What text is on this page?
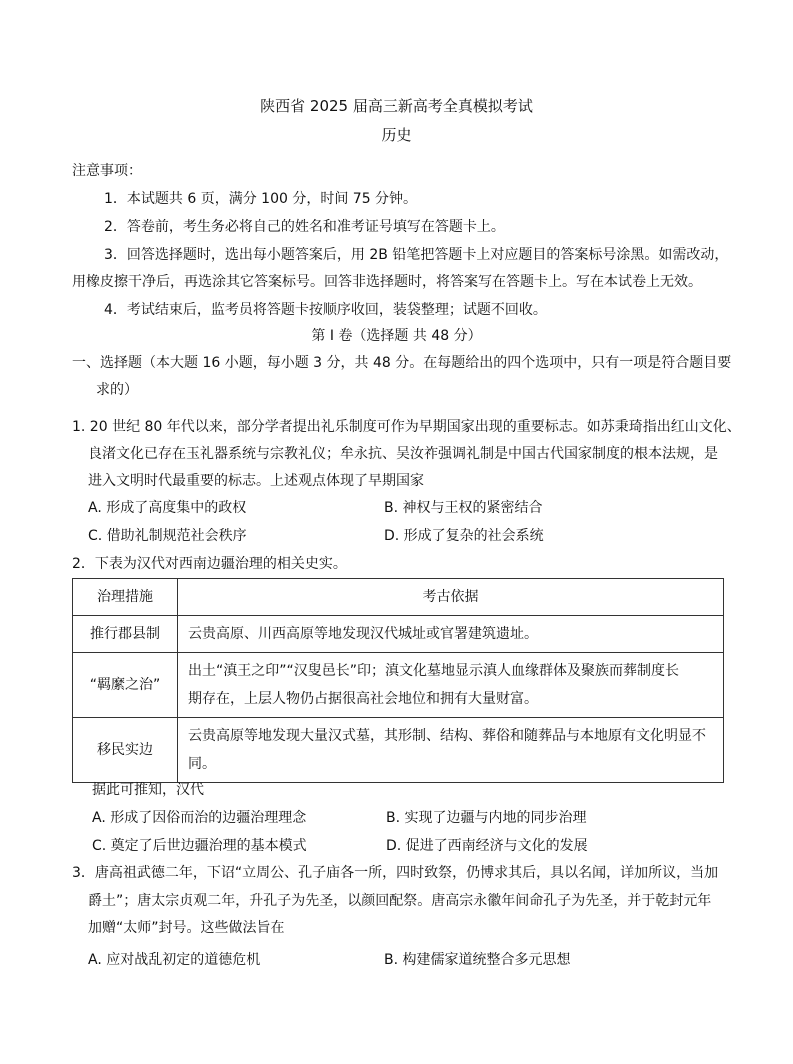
陕西省 2025 届高三新高考全真模拟考试
历史
注意事项：
1．本试题共 6 页，满分 100 分，时间 75 分钟。
2．答卷前，考生务必将自己的姓名和准考证号填写在答题卡上。
3．回答选择题时，选出每小题答案后，用 2B 铅笔把答题卡上对应题目的答案标号涂黑。如需改动，
用橡皮擦干净后，再选涂其它答案标号。回答非选择题时，将答案写在答题卡上。写在本试卷上无效。
4．考试结束后，监考员将答题卡按顺序收回，装袋整理；试题不回收。
第 I 卷（选择题 共 48 分）
一、选择题（本大题 16 小题，每小题 3 分，共 48 分。在每题给出的四个选项中，只有一项是符合题目要
求的）
1. 20 世纪 80 年代以来，部分学者提出礼乐制度可作为早期国家出现的重要标志。如苏秉琦指出红山文化、
良渚文化已存在玉礼器系统与宗教礼仪；牟永抗、吴汝祚强调礼制是中国古代国家制度的根本法规，是
进入文明时代最重要的标志。上述观点体现了早期国家
A. 形成了高度集中的政权	B. 神权与王权的紧密结合
C. 借助礼制规范社会秩序	D. 形成了复杂的社会系统
2．下表为汉代对西南边疆治理的相关史实。
治理措施	考古依据
推行郡县制	云贵高原、川西高原等地发现汉代城址或官署建筑遗址。

“羁縻之治”	出土“滇王之印”“汉叟邑长”印；滇文化墓地显示滇人血缘群体及聚族而葬制度长
期存在，上层人物仍占据很高社会地位和拥有大量财富。

移民实边	云贵高原等地发现大量汉式墓，其形制、结构、葬俗和随葬品与本地原有文化明显不
同。
据此可推知，汉代
A. 形成了因俗而治的边疆治理理念	B. 实现了边疆与内地的同步治理
C. 奠定了后世边疆治理的基本模式	D. 促进了西南经济与文化的发展
3．唐高祖武德二年，下诏“立周公、孔子庙各一所，四时致祭，仍博求其后，具以名闻，详加所议，当加
爵土”；唐太宗贞观二年，升孔子为先圣，以颜回配祭。唐高宗永徽年间命孔子为先圣，并于乾封元年
加赠“太师”封号。这些做法旨在
A. 应对战乱初定的道德危机	B. 构建儒家道统整合多元思想
